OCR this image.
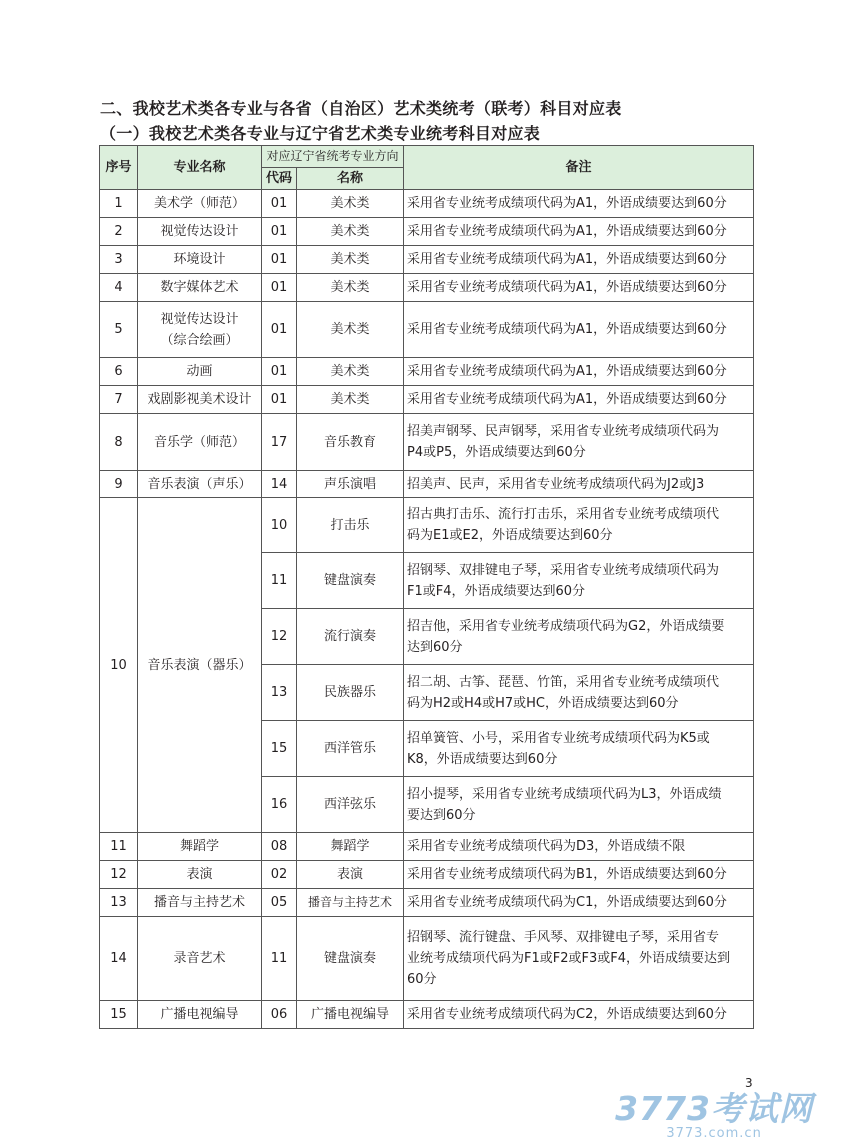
二、我校艺术类各专业与各省（自治区）艺术类统考（联考）科目对应表
（一）我校艺术类各专业与辽宁省艺术类专业统考科目对应表
序号	专业名称	对应辽宁省统考专业方向		备注
		代码	名称	
1	美术学（师范）	01	美术类	采用省专业统考成绩项代码为A1，外语成绩要达到60分
2	视觉传达设计	01	美术类	采用省专业统考成绩项代码为A1，外语成绩要达到60分
3	环境设计	01	美术类	采用省专业统考成绩项代码为A1，外语成绩要达到60分
4	数字媒体艺术	01	美术类	采用省专业统考成绩项代码为A1，外语成绩要达到60分
5	视觉传达设计
（综合绘画）	01	美术类	采用省专业统考成绩项代码为A1，外语成绩要达到60分
6	动画	01	美术类	采用省专业统考成绩项代码为A1，外语成绩要达到60分
7	戏剧影视美术设计	01	美术类	采用省专业统考成绩项代码为A1，外语成绩要达到60分
8	音乐学（师范）	17	音乐教育	招美声钢琴、民声钢琴，采用省专业统考成绩项代码为
P4或P5，外语成绩要达到60分
9	音乐表演（声乐）	14	声乐演唱	招美声、民声，采用省专业统考成绩项代码为J2或J3
10	音乐表演（器乐）	10	打击乐	招古典打击乐、流行打击乐，采用省专业统考成绩项代
码为E1或E2，外语成绩要达到60分
		11	键盘演奏	招钢琴、双排键电子琴，采用省专业统考成绩项代码为
F1或F4，外语成绩要达到60分
		12	流行演奏	招吉他，采用省专业统考成绩项代码为G2，外语成绩要
达到60分
		13	民族器乐	招二胡、古筝、琵琶、竹笛，采用省专业统考成绩项代
码为H2或H4或H7或HC，外语成绩要达到60分
		15	西洋管乐	招单簧管、小号，采用省专业统考成绩项代码为K5或
K8，外语成绩要达到60分
		16	西洋弦乐	招小提琴，采用省专业统考成绩项代码为L3，外语成绩
要达到60分
11	舞蹈学	08	舞蹈学	采用省专业统考成绩项代码为D3，外语成绩不限
12	表演	02	表演	采用省专业统考成绩项代码为B1，外语成绩要达到60分
13	播音与主持艺术	05	播音与主持艺术	采用省专业统考成绩项代码为C1，外语成绩要达到60分
14	录音艺术	11	键盘演奏	招钢琴、流行键盘、手风琴、双排键电子琴，采用省专
业统考成绩项代码为F1或F2或F3或F4，外语成绩要达到
60分
15	广播电视编导	06	广播电视编导	采用省专业统考成绩项代码为C2，外语成绩要达到60分
3
3773考试网
3773.com.cn
